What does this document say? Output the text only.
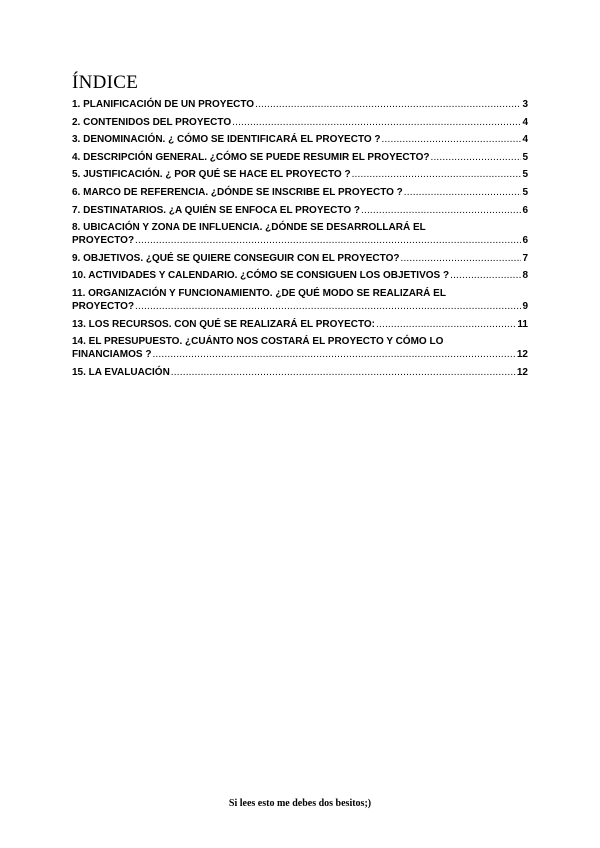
ÍNDICE
1. PLANIFICACIÓN DE UN PROYECTO .....	3
2. CONTENIDOS DEL PROYECTO .....	4
3. DENOMINACIÓN. ¿ CÓMO SE IDENTIFICARÁ EL PROYECTO ? .....	4
4. DESCRIPCIÓN GENERAL. ¿CÓMO SE PUEDE RESUMIR EL PROYECTO? .....	5
5. JUSTIFICACIÓN. ¿ POR QUÉ SE HACE EL PROYECTO ? .....	5
6. MARCO DE REFERENCIA. ¿DÓNDE SE INSCRIBE EL PROYECTO ? .....	5
7. DESTINATARIOS. ¿A QUIÉN SE ENFOCA EL PROYECTO ? .....	6
8. UBICACIÓN Y ZONA DE INFLUENCIA. ¿DÓNDE SE DESARROLLARÁ EL
PROYECTO? .....	6
9. OBJETIVOS. ¿QUÉ SE QUIERE CONSEGUIR CON EL PROYECTO? .....	7
10. ACTIVIDADES Y CALENDARIO. ¿CÓMO SE CONSIGUEN LOS OBJETIVOS ? .....	8
11. ORGANIZACIÓN Y FUNCIONAMIENTO. ¿DE QUÉ MODO SE REALIZARÁ EL
PROYECTO? .....	9
13. LOS RECURSOS. CON QUÉ SE REALIZARÁ EL PROYECTO: .....	11
14. EL PRESUPUESTO. ¿CUÁNTO NOS COSTARÁ EL PROYECTO Y CÓMO LO
FINANCIAMOS ? .....	12
15. LA EVALUACIÓN .....	12
Si lees esto me debes dos besitos;)
